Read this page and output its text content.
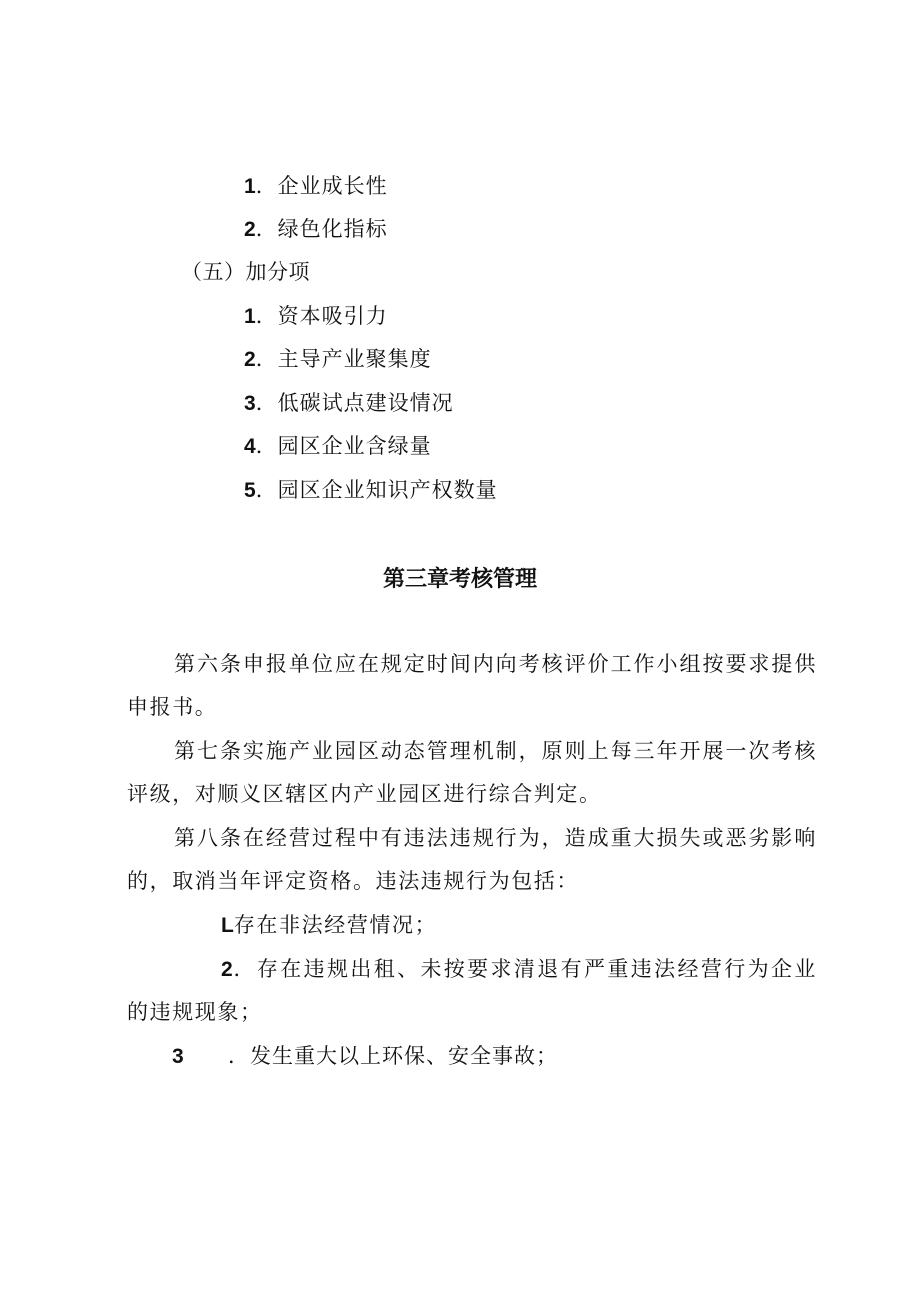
1．企业成长性
2．绿色化指标
（五）加分项
1．资本吸引力
2．主导产业聚集度
3．低碳试点建设情况
4．园区企业含绿量
5．园区企业知识产权数量
第三章考核管理
第六条申报单位应在规定时间内向考核评价工作小组按要求提供申报书。
第七条实施产业园区动态管理机制，原则上每三年开展一次考核评级，对顺义区辖区内产业园区进行综合判定。
第八条在经营过程中有违法违规行为，造成重大损失或恶劣影响的，取消当年评定资格。违法违规行为包括：
L存在非法经营情况；
2．存在违规出租、未按要求清退有严重违法经营行为企业的违规现象；
3 ．发生重大以上环保、安全事故；
